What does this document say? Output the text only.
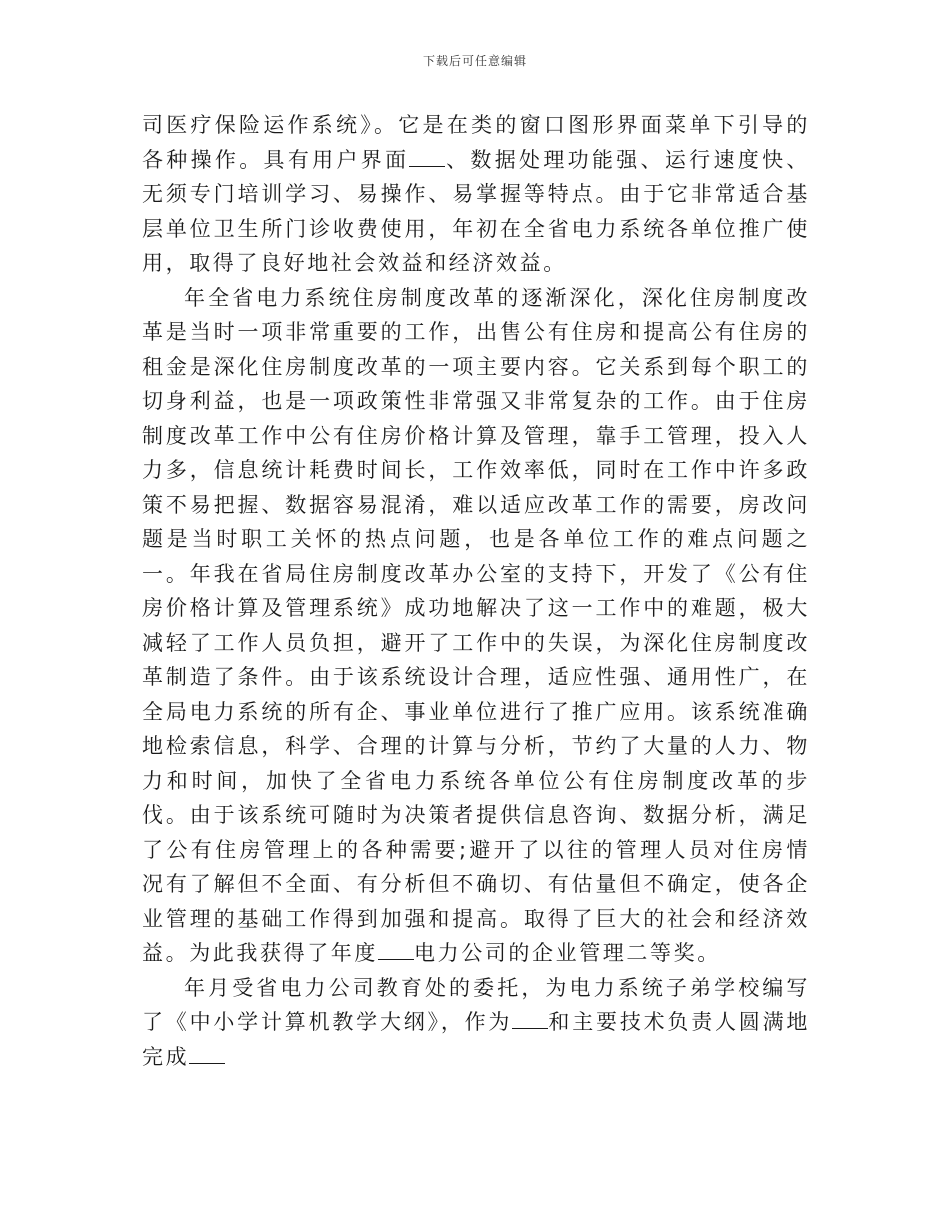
下载后可任意编辑

司医疗保险运作系统》。它是在类的窗口图形界面菜单下引导的各种操作。具有用户界面 、数据处理功能强、运行速度快、无须专门培训学习、易操作、易掌握等特点。由于它非常适合基层单位卫生所门诊收费使用，年初在全省电力系统各单位推广使用，取得了良好地社会效益和经济效益。

年全省电力系统住房制度改革的逐渐深化，深化住房制度改革是当时一项非常重要的工作，出售公有住房和提高公有住房的租金是深化住房制度改革的一项主要内容。它关系到每个职工的切身利益，也是一项政策性非常强又非常复杂的工作。由于住房制度改革工作中公有住房价格计算及管理，靠手工管理，投入人力多，信息统计耗费时间长，工作效率低，同时在工作中许多政策不易把握、数据容易混淆，难以适应改革工作的需要，房改问题是当时职工关怀的热点问题，也是各单位工作的难点问题之一。年我在省局住房制度改革办公室的支持下，开发了《公有住房价格计算及管理系统》成功地解决了这一工作中的难题，极大减轻了工作人员负担，避开了工作中的失误，为深化住房制度改革制造了条件。由于该系统设计合理，适应性强、通用性广，在全局电力系统的所有企、事业单位进行了推广应用。该系统准确地检索信息，科学、合理的计算与分析，节约了大量的人力、物力和时间，加快了全省电力系统各单位公有住房制度改革的步伐。由于该系统可随时为决策者提供信息咨询、数据分析，满足了公有住房管理上的各种需要;避开了以往的管理人员对住房情况有了解但不全面、有分析但不确切、有估量但不确定，使各企业管理的基础工作得到加强和提高。取得了巨大的社会和经济效益。为此我获得了年度 电力公司的企业管理二等奖。

年月受省电力公司教育处的委托，为电力系统子弟学校编写了《中小学计算机教学大纲》，作为 和主要技术负责人圆满地完成
